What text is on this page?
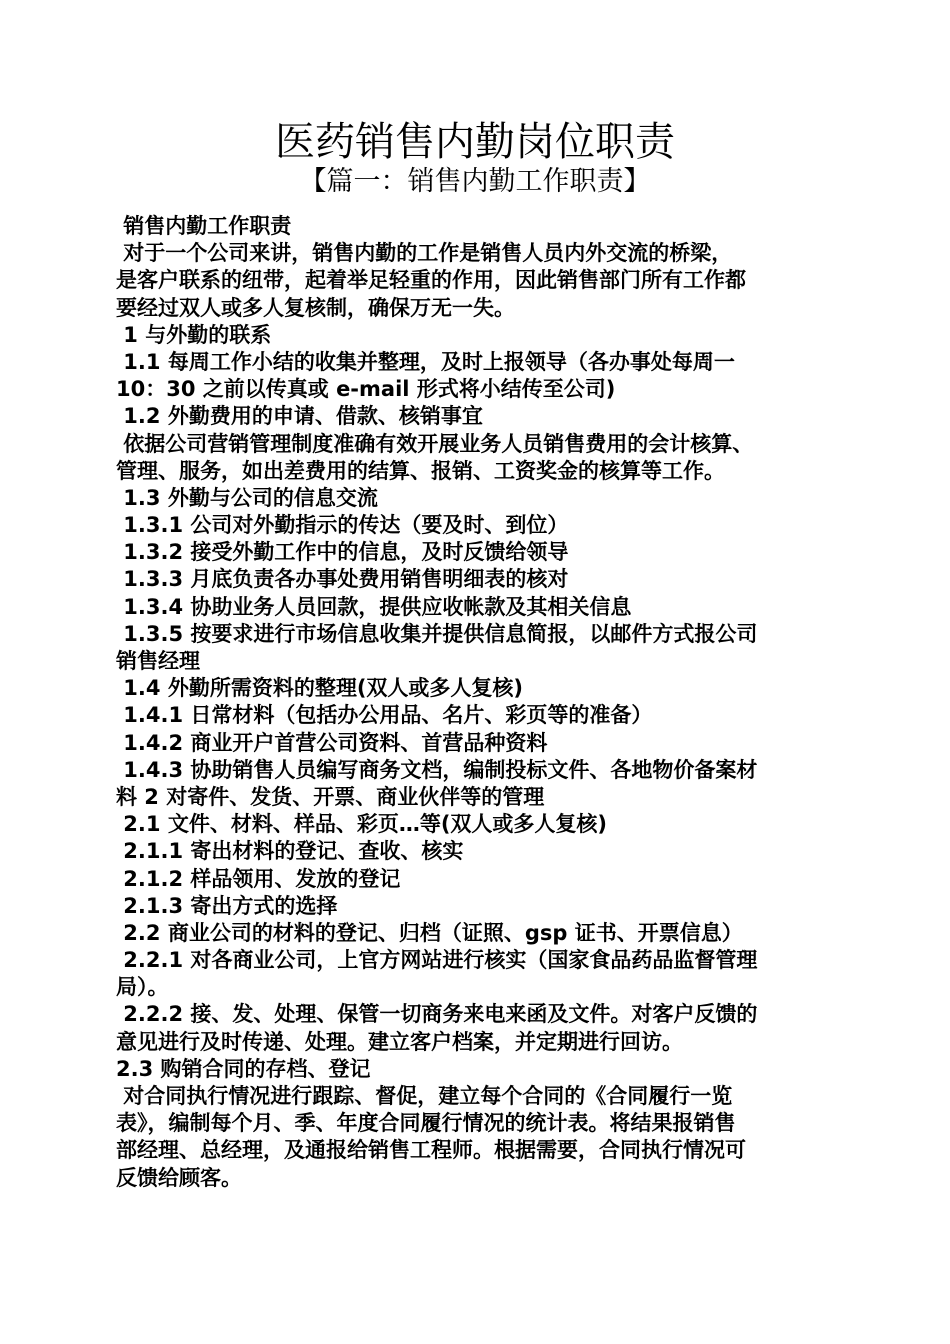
医药销售内勤岗位职责
【篇一：销售内勤工作职责】
销售内勤工作职责
对于一个公司来讲，销售内勤的工作是销售人员内外交流的桥梁，
是客户联系的纽带，起着举足轻重的作用，因此销售部门所有工作都
要经过双人或多人复核制，确保万无一失。
1 与外勤的联系
1.1 每周工作小结的收集并整理，及时上报领导（各办事处每周一
10：30 之前以传真或 e-mail 形式将小结传至公司)
1.2 外勤费用的申请、借款、核销事宜
依据公司营销管理制度准确有效开展业务人员销售费用的会计核算、
管理、服务，如出差费用的结算、报销、工资奖金的核算等工作。
1.3 外勤与公司的信息交流
1.3.1 公司对外勤指示的传达（要及时、到位）
1.3.2 接受外勤工作中的信息，及时反馈给领导
1.3.3 月底负责各办事处费用销售明细表的核对
1.3.4 协助业务人员回款，提供应收帐款及其相关信息
1.3.5 按要求进行市场信息收集并提供信息简报，以邮件方式报公司
销售经理
1.4 外勤所需资料的整理(双人或多人复核)
1.4.1 日常材料（包括办公用品、名片、彩页等的准备）
1.4.2 商业开户首营公司资料、首营品种资料
1.4.3 协助销售人员编写商务文档，编制投标文件、各地物价备案材
料 2 对寄件、发货、开票、商业伙伴等的管理
2.1 文件、材料、样品、彩页…等(双人或多人复核)
2.1.1 寄出材料的登记、查收、核实
2.1.2 样品领用、发放的登记
2.1.3 寄出方式的选择
2.2 商业公司的材料的登记、归档（证照、gsp 证书、开票信息）
2.2.1 对各商业公司，上官方网站进行核实（国家食品药品监督管理
局）。
2.2.2 接、发、处理、保管一切商务来电来函及文件。对客户反馈的
意见进行及时传递、处理。建立客户档案，并定期进行回访。
2.3 购销合同的存档、登记
对合同执行情况进行跟踪、督促，建立每个合同的《合同履行一览
表》，编制每个月、季、年度合同履行情况的统计表。将结果报销售
部经理、总经理，及通报给销售工程师。根据需要，合同执行情况可
反馈给顾客。
